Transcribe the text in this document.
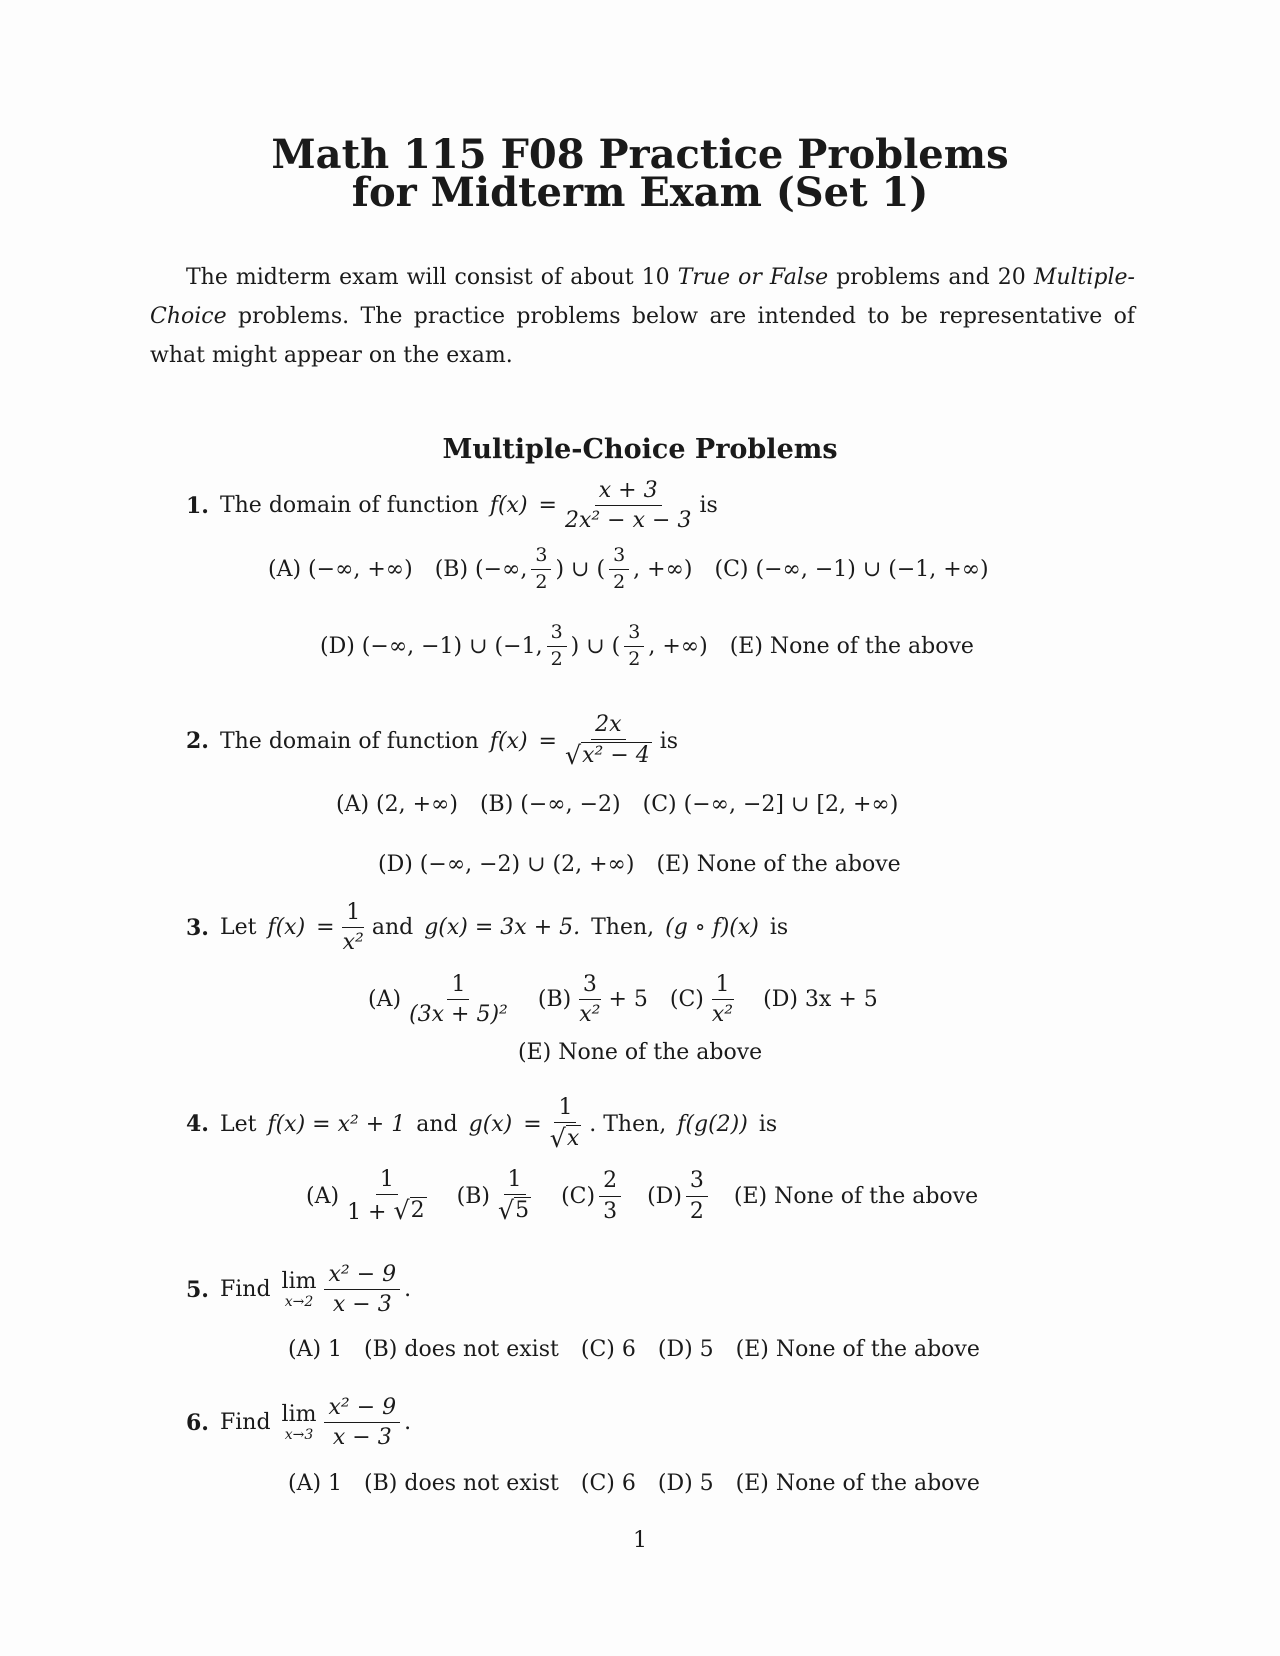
Math 115 F08 Practice Problems
for Midterm Exam (Set 1)

The midterm exam will consist of about 10 True or False problems and 20 Multiple-Choice problems. The practice problems below are intended to be representative of what might appear on the exam.

Multiple-Choice Problems
1. The domain of function $f(x) = \frac{x + 3}{\text{2x² − x − 3}}$ is
(A) (−∞, +∞) (B) (−∞, $\frac{3}{2}$ ) ∪ ( $\frac{3}{2}$ , +∞) (C) (−∞, −1) ∪ (−1, +∞)
(D) (−∞, −1) ∪ (−1, $\frac{3}{2}$ ) ∪ ( $\frac{3}{2}$ , +∞) (E) None of the above
2. The domain of function $f(x) = \frac{2x}{\text{√ x² − 4}}$ is
(A) (2, +∞) (B) (−∞, −2) (C) (−∞, −2] ∪ [2, +∞)
(D) (−∞, −2) ∪ (2, +∞) (E) None of the above
3. Let $f(x) = \frac{1}{\text{x²}}$ and g(x) = 3x + 5. Then, (g ∘ f)(x) is
$(A) \frac{1}{\text{(3x + 5)²}} (B) \frac{3}{\text{x²}} + 5$ $(C) \frac{1}{\text{x²}} (D) 3x + 5$
(E) None of the above
4. Let f(x) = x² + 1 and $g(x) = \frac{1}{√ x}$ . Then, f(g(2)) is
$(A) \frac{1}{1 + √ 2} (B) \frac{1}{√ 5} (C) \frac{2}{3} (D) \frac{3}{2} (E)$ None of the above
5. Find lim
$x\to 2 \frac{\text{x² − 9}}{x - 3}$ .
(A) 1 (B) does not exist (C) 6 (D) 5 (E) None of the above
6. Find lim
$x\to 3 \frac{\text{x² − 9}}{x - 3}$ .
(A) 1 (B) does not exist (C) 6 (D) 5 (E) None of the above
1
